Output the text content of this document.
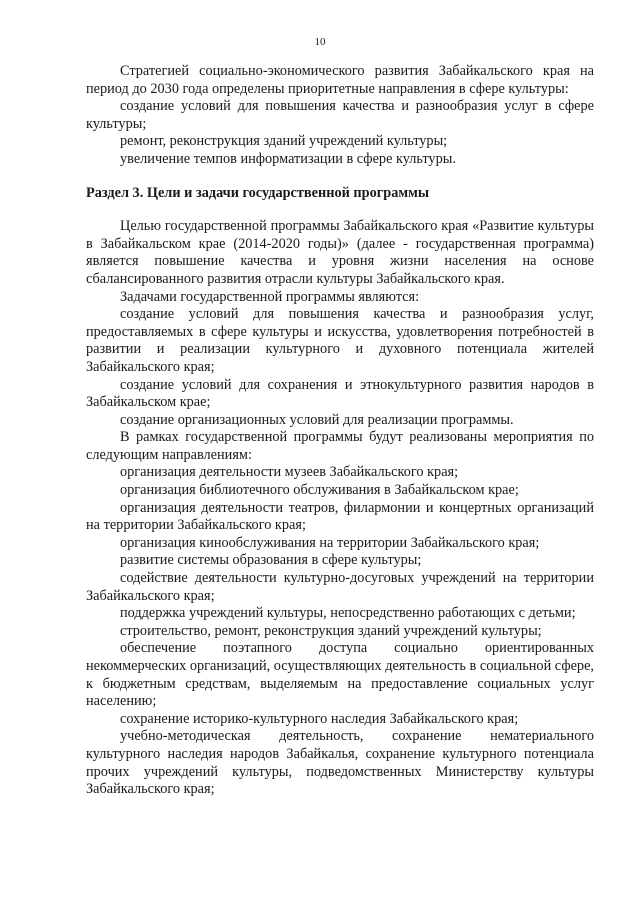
10

Стратегией социально-экономического развития Забайкальского края на период до 2030 года определены приоритетные направления в сфере культуры:

создание условий для повышения качества и разнообразия услуг в сфере культуры;

ремонт, реконструкция зданий учреждений культуры;

увеличение темпов информатизации в сфере культуры.

Раздел 3. Цели и задачи государственной программы

Целью государственной программы Забайкальского края «Развитие культуры в Забайкальском крае (2014-2020 годы)» (далее - государственная программа) является повышение качества и уровня жизни населения на основе сбалансированного развития отрасли культуры Забайкальского края.

Задачами государственной программы являются:

создание условий для повышения качества и разнообразия услуг, предоставляемых в сфере культуры и искусства, удовлетворения потребностей в развитии и реализации культурного и духовного потенциала жителей Забайкальского края;

создание условий для сохранения и этнокультурного развития народов в Забайкальском крае;

создание организационных условий для реализации программы.

В рамках государственной программы будут реализованы мероприятия по следующим направлениям:

организация деятельности музеев Забайкальского края;

организация библиотечного обслуживания в Забайкальском крае;

организация деятельности театров, филармонии и концертных организаций на территории Забайкальского края;

организация кинообслуживания на территории Забайкальского края;

развитие системы образования в сфере культуры;

содействие деятельности культурно-досуговых учреждений на территории Забайкальского края;

поддержка учреждений культуры, непосредственно работающих с детьми;

строительство, ремонт, реконструкция зданий учреждений культуры;

обеспечение поэтапного доступа социально ориентированных некоммерческих организаций, осуществляющих деятельность в социальной сфере, к бюджетным средствам, выделяемым на предоставление социальных услуг населению;

сохранение историко-культурного наследия Забайкальского края;

учебно-методическая деятельность, сохранение нематериального культурного наследия народов Забайкалья, сохранение культурного потенциала прочих учреждений культуры, подведомственных Министерству культуры Забайкальского края;
